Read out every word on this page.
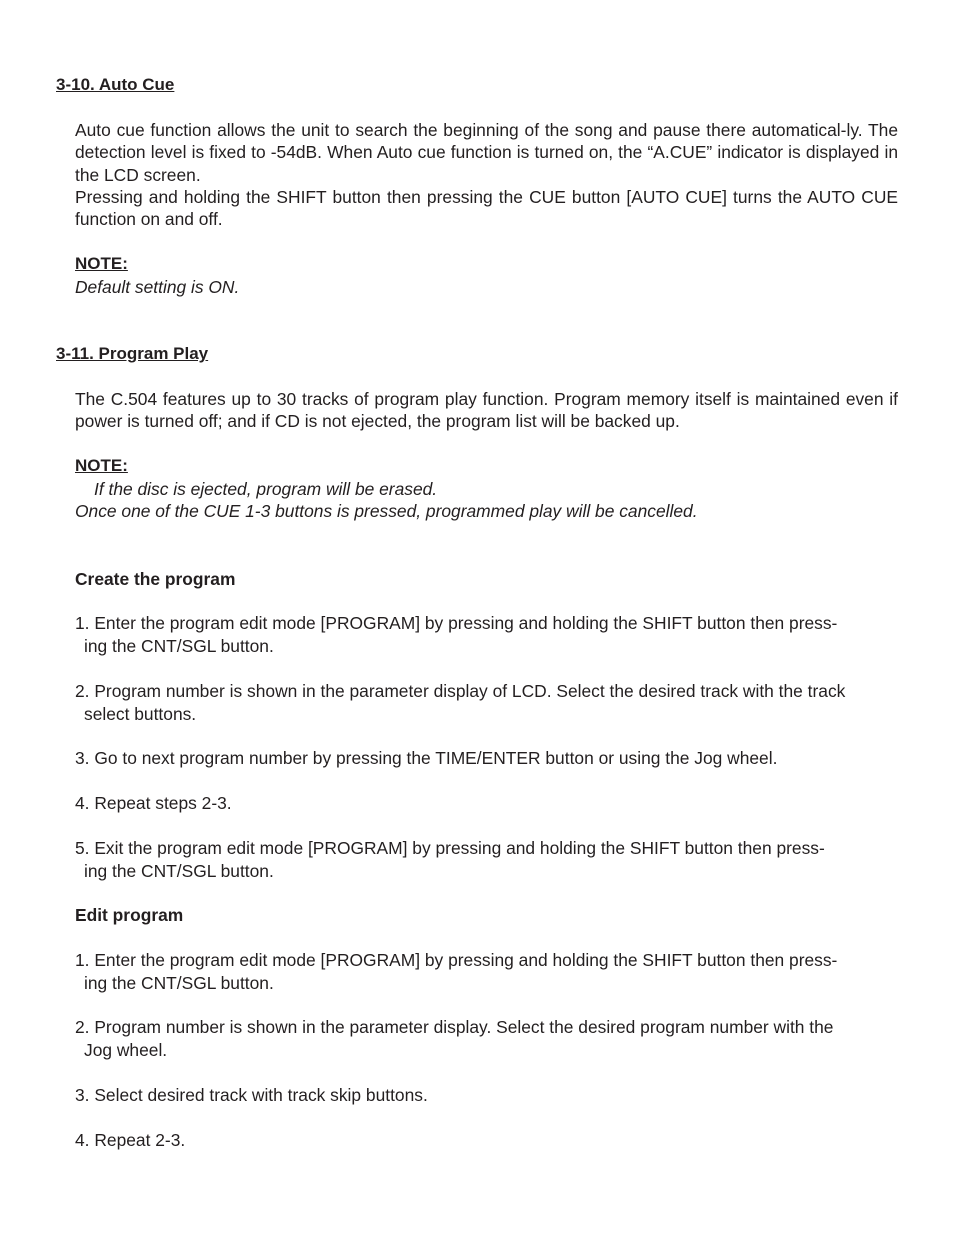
3-10. Auto Cue

Auto cue function allows the unit to search the beginning of the song and pause there automatical-ly. The detection level is fixed to -54dB. When Auto cue function is turned on, the “A.CUE” indicator is displayed in the LCD screen.

Pressing and holding the SHIFT button then pressing the CUE button [AUTO CUE] turns the AUTO CUE function on and off.

NOTE:

Default setting is ON.

3-11. Program Play

The C.504 features up to 30 tracks of program play function. Program memory itself is maintained even if power is turned off; and if CD is not ejected, the program list will be backed up.

NOTE:

If the disc is ejected, program will be erased.

Once one of the CUE 1-3 buttons is pressed, programmed play will be cancelled.

Create the program

1. Enter the program edit mode [PROGRAM] by pressing and holding the SHIFT button then press-
ing the CNT/SGL button.

2. Program number is shown in the parameter display of LCD. Select the desired track with the track
select buttons.

3. Go to next program number by pressing the TIME/ENTER button or using the Jog wheel.

4. Repeat steps 2-3.

5. Exit the program edit mode [PROGRAM] by pressing and holding the SHIFT button then press-
ing the CNT/SGL button.

Edit program

1. Enter the program edit mode [PROGRAM] by pressing and holding the SHIFT button then press-
ing the CNT/SGL button.

2. Program number is shown in the parameter display. Select the desired program number with the
Jog wheel.

3. Select desired track with track skip buttons.

4. Repeat 2-3.
